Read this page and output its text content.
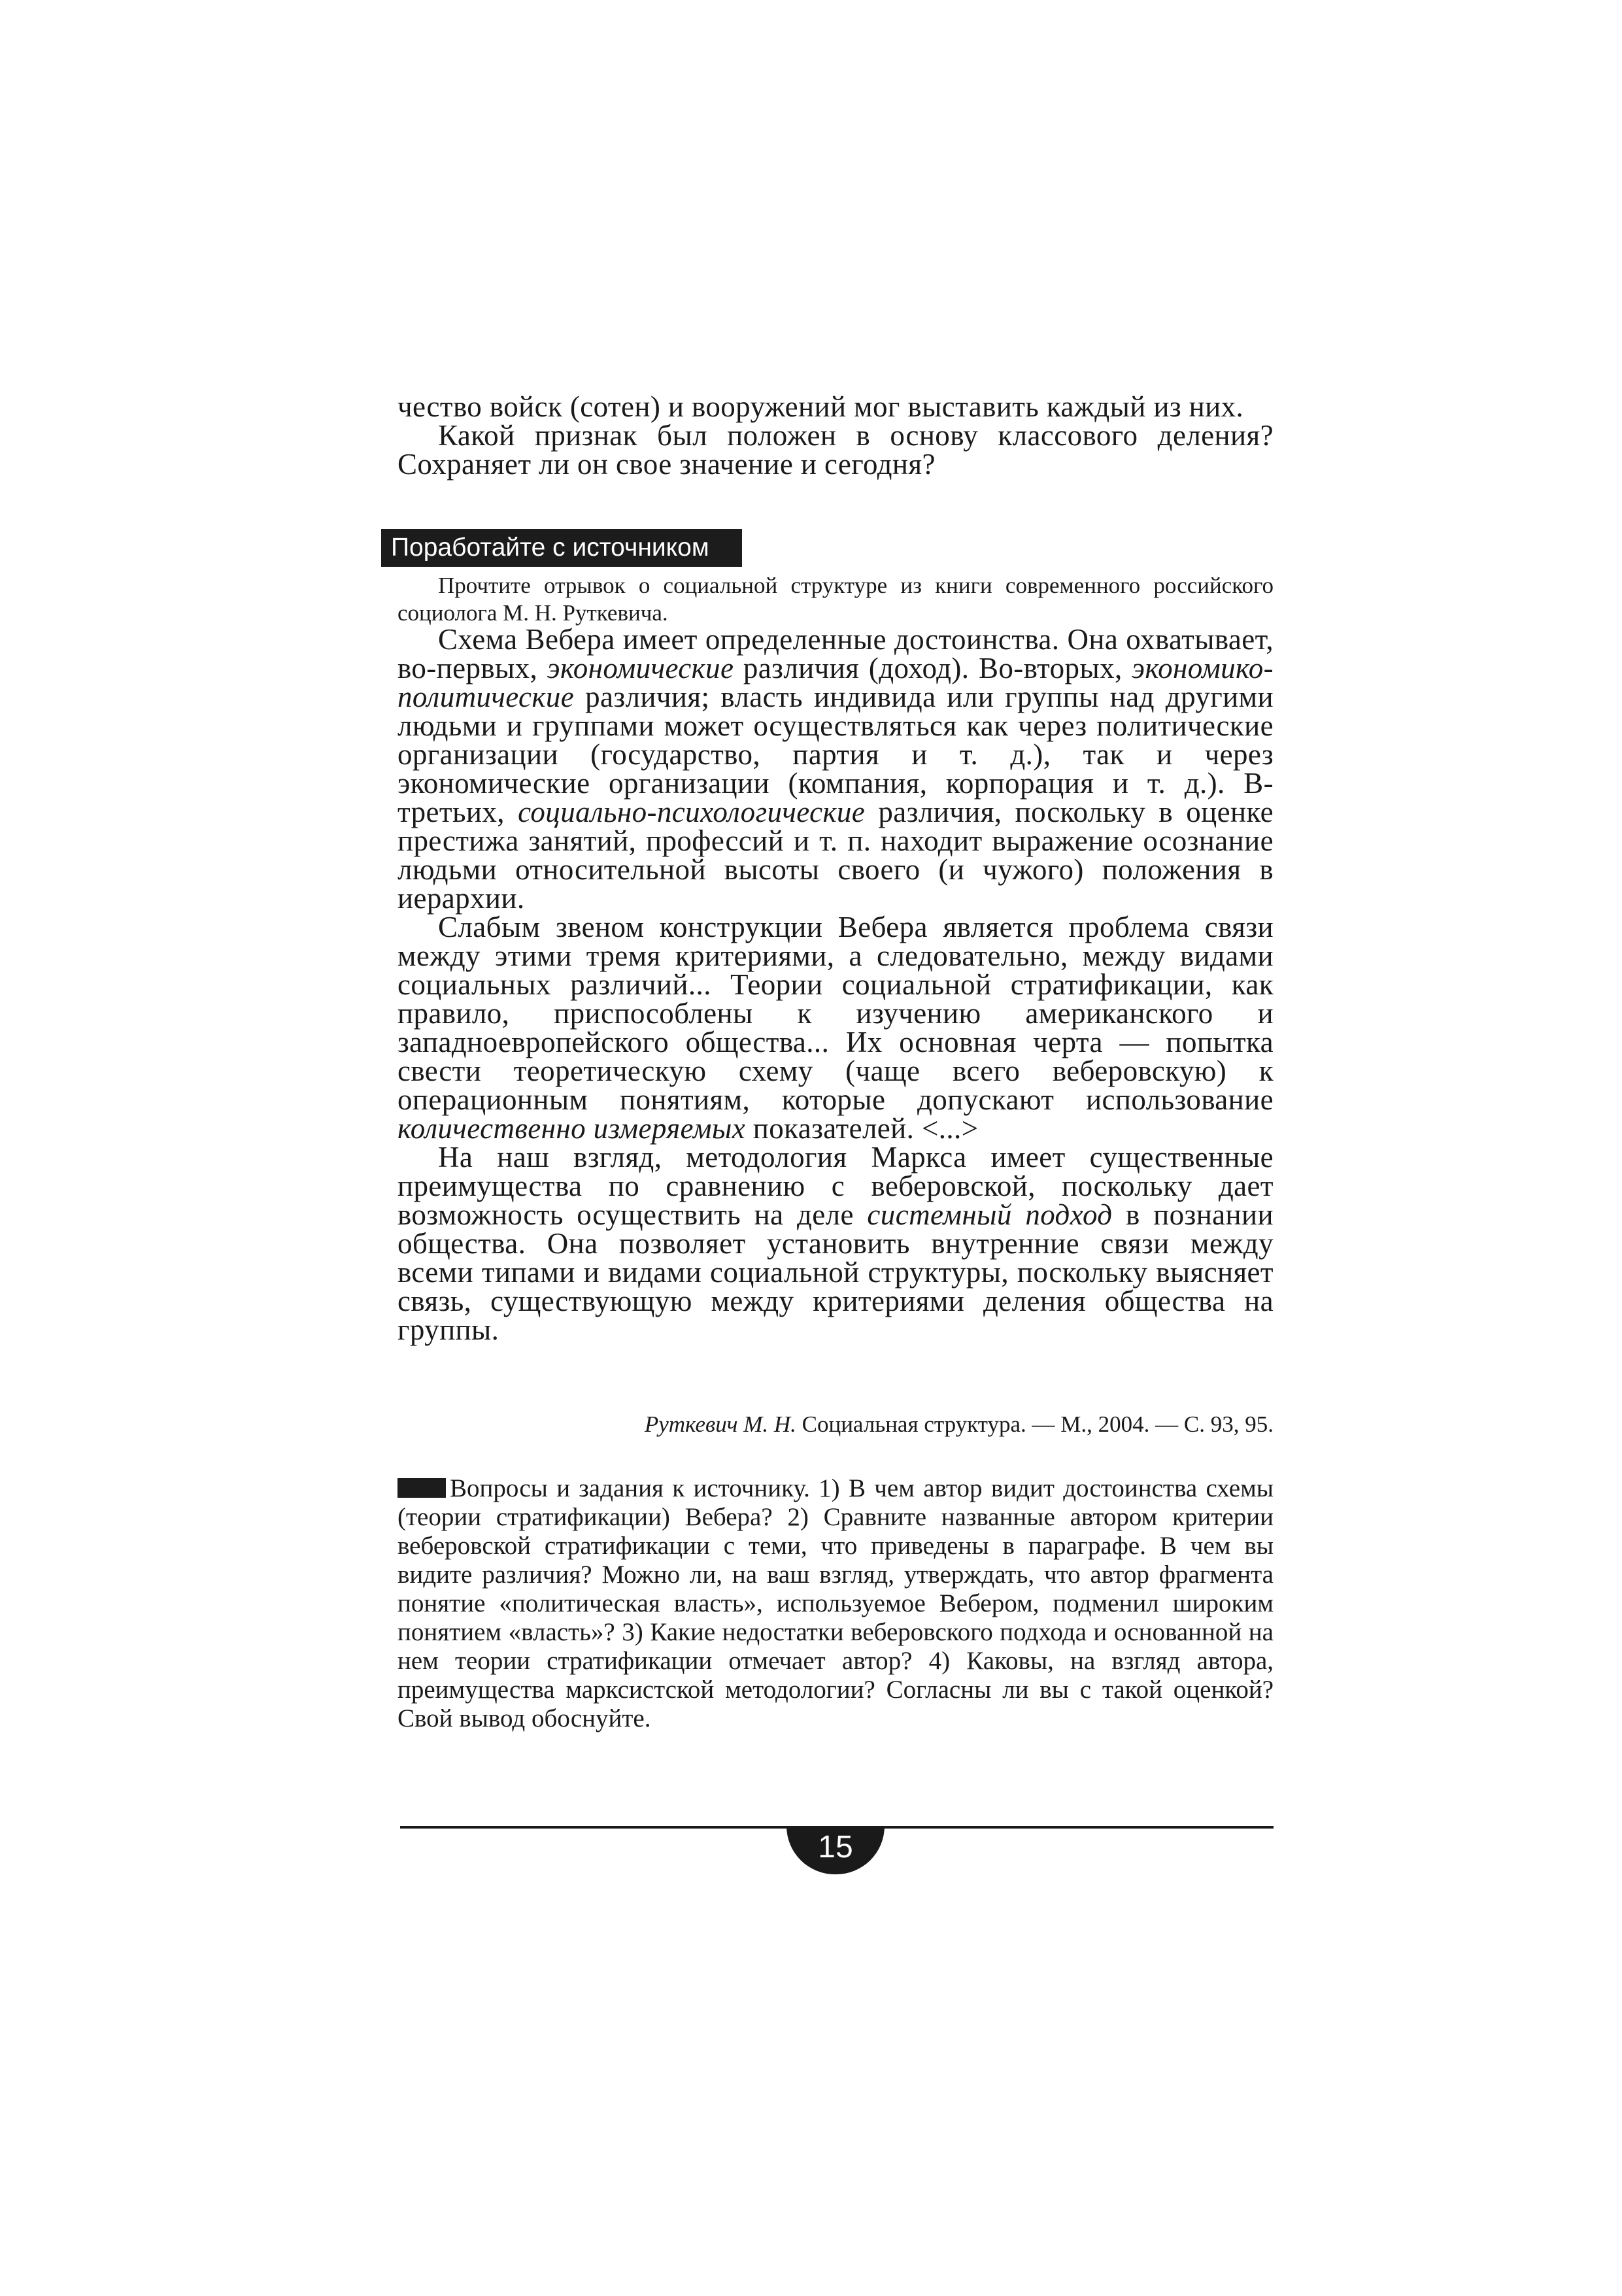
чество войск (сотен) и вооружений мог выставить каждый из них.

Какой признак был положен в основу классового деления? Сохраняет ли он свое значение и сегодня?

Поработайте с источником

Прочтите отрывок о социальной структуре из книги современного российского социолога М. Н. Руткевича.

Схема Вебера имеет определенные достоинства. Она охватывает, во-первых, экономические различия (доход). Во-вторых, экономико-политические различия; власть индивида или группы над другими людьми и группами может осуществляться как через политические организации (государство, партия и т. д.), так и через экономические организации (компания, корпорация и т. д.). В-третьих, социально-психологические различия, поскольку в оценке престижа занятий, профессий и т. п. находит выражение осознание людьми относительной высоты своего (и чужого) положения в иерархии.

Слабым звеном конструкции Вебера является проблема связи между этими тремя критериями, а следовательно, между видами социальных различий... Теории социальной стратификации, как правило, приспособлены к изучению американского и западноевропейского общества... Их основная черта — попытка свести теоретическую схему (чаще всего веберовскую) к операционным понятиям, которые допускают использование количественно измеряемых показателей. <...>

На наш взгляд, методология Маркса имеет существенные преимущества по сравнению с веберовской, поскольку дает возможность осуществить на деле системный подход в познании общества. Она позволяет установить внутренние связи между всеми типами и видами социальной структуры, поскольку выясняет связь, существующую между критериями деления общества на группы.

Руткевич М. Н. Социальная структура. — М., 2004. — С. 93, 95.

Вопросы и задания к источнику. 1) В чем автор видит достоинства схемы (теории стратификации) Вебера? 2) Сравните названные автором критерии веберовской стратификации с теми, что приведены в параграфе. В чем вы видите различия? Можно ли, на ваш взгляд, утверждать, что автор фрагмента понятие «политическая власть», используемое Вебером, подменил широким понятием «власть»? 3) Какие недостатки веберовского подхода и основанной на нем теории стратификации отмечает автор? 4) Каковы, на взгляд автора, преимущества марксистской методологии? Согласны ли вы с такой оценкой? Свой вывод обоснуйте.

15
